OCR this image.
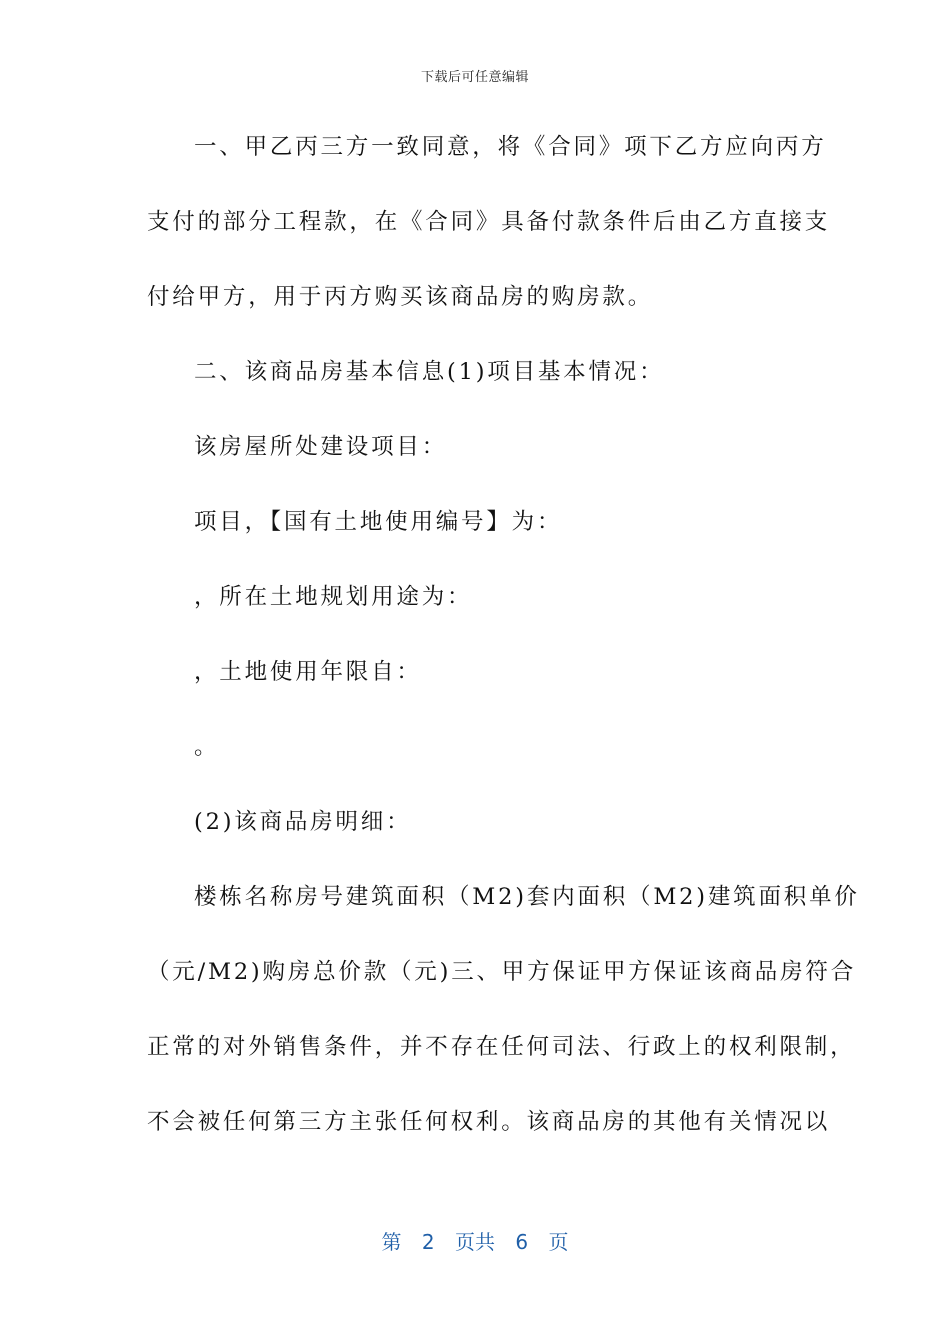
下载后可任意编辑
一、甲乙丙三方一致同意，将《合同》项下乙方应向丙方
支付的部分工程款，在《合同》具备付款条件后由乙方直接支
付给甲方，用于丙方购买该商品房的购房款。
二、该商品房基本信息(1)项目基本情况：
该房屋所处建设项目：
项目，【国有土地使用编号】为：
，所在土地规划用途为：
，土地使用年限自：
。
(2)该商品房明细：
楼栋名称房号建筑面积（M2)套内面积（M2)建筑面积单价
（元/M2)购房总价款（元)三、甲方保证甲方保证该商品房符合
正常的对外销售条件，并不存在任何司法、行政上的权利限制，
不会被任何第三方主张任何权利。该商品房的其他有关情况以
第 2 页共 6 页
